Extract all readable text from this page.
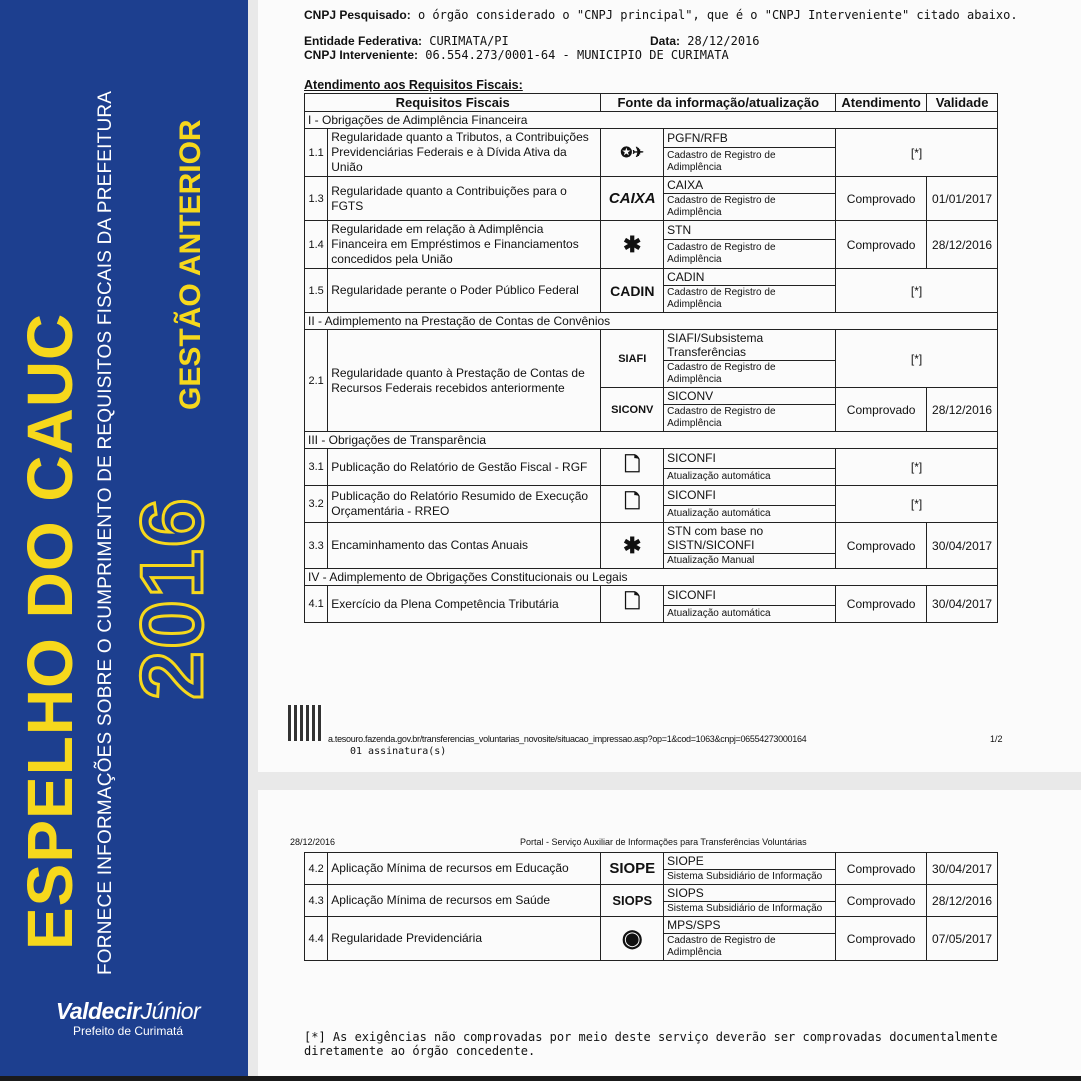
ESPELHO DO CAUC FORNECE INFORMAÇÕES SOBRE O CUMPRIMENTO DE REQUISITOS FISCAIS DA PREFEITURA 2016
GESTÃO ANTERIOR
ValdecirJúnior
Prefeito de Curimatá
CNPJ Pesquisado: o órgão considerado o "CNPJ principal", que é o "CNPJ Interveniente" citado abaixo.
Entidade Federativa: CURIMATA/PI	Data: 28/12/2016
CNPJ Interveniente: 06.554.273/0001-64 - MUNICIPIO DE CURIMATA
Atendimento aos Requisitos Fiscais:
Requisitos Fiscais		Fonte da informação/atualização		Atendimento	Validade
I - Obrigações de Adimplência Financeira					
1.1	Regularidade quanto a Tributos, a Contribuições Previdenciárias Federais e à Dívida Ativa da União	✪✈	PGFN/RFB	[*]	
			Cadastro de Registro de Adimplência		
1.3	Regularidade quanto a Contribuições para o FGTS	CAIXA	CAIXA	Comprovado	01/01/2017
			Cadastro de Registro de Adimplência		
1.4	Regularidade em relação à Adimplência Financeira em Empréstimos e Financiamentos concedidos pela União	✱	STN	Comprovado	28/12/2016
			Cadastro de Registro de Adimplência		
1.5	Regularidade perante o Poder Público Federal	CADIN	CADIN	[*]	
			Cadastro de Registro de Adimplência		
II - Adimplemento na Prestação de Contas de Convênios					
2.1	Regularidade quanto à Prestação de Contas de Recursos Federais recebidos anteriormente	SIAFI	SIAFI/Subsistema Transferências	[*]	
			Cadastro de Registro de Adimplência		
		SICONV	SICONV	Comprovado	28/12/2016
			Cadastro de Registro de Adimplência		
III - Obrigações de Transparência					
3.1	Publicação do Relatório de Gestão Fiscal - RGF	🗋	SICONFI	[*]	
			Atualização automática		
3.2	Publicação do Relatório Resumido de Execução Orçamentária - RREO	🗋	SICONFI	[*]	
			Atualização automática		
3.3	Encaminhamento das Contas Anuais	✱	STN com base no SISTN/SICONFI	Comprovado	30/04/2017
			Atualização Manual		
IV - Adimplemento de Obrigações Constitucionais ou Legais					
4.1	Exercício da Plena Competência Tributária	🗋	SICONFI	Comprovado	30/04/2017
			Atualização automática		
a.tesouro.fazenda.gov.br/transferencias_voluntarias_novosite/situacao_impressao.asp?op=1&cod=1063&cnpj=06554273000164	1/2
01 assinatura(s)
28/12/2016	Portal - Serviço Auxiliar de Informações para Transferências Voluntárias
4.2	Aplicação Mínima de recursos em Educação	SIOPE	SIOPE	Comprovado	30/04/2017
			Sistema Subsidiário de Informação		
4.3	Aplicação Mínima de recursos em Saúde	SIOPS	SIOPS	Comprovado	28/12/2016
			Sistema Subsidiário de Informação		
4.4	Regularidade Previdenciária	◉	MPS/SPS	Comprovado	07/05/2017
			Cadastro de Registro de Adimplência		
[*] As exigências não comprovadas por meio deste serviço deverão ser comprovadas documentalmente diretamente ao órgão concedente.
